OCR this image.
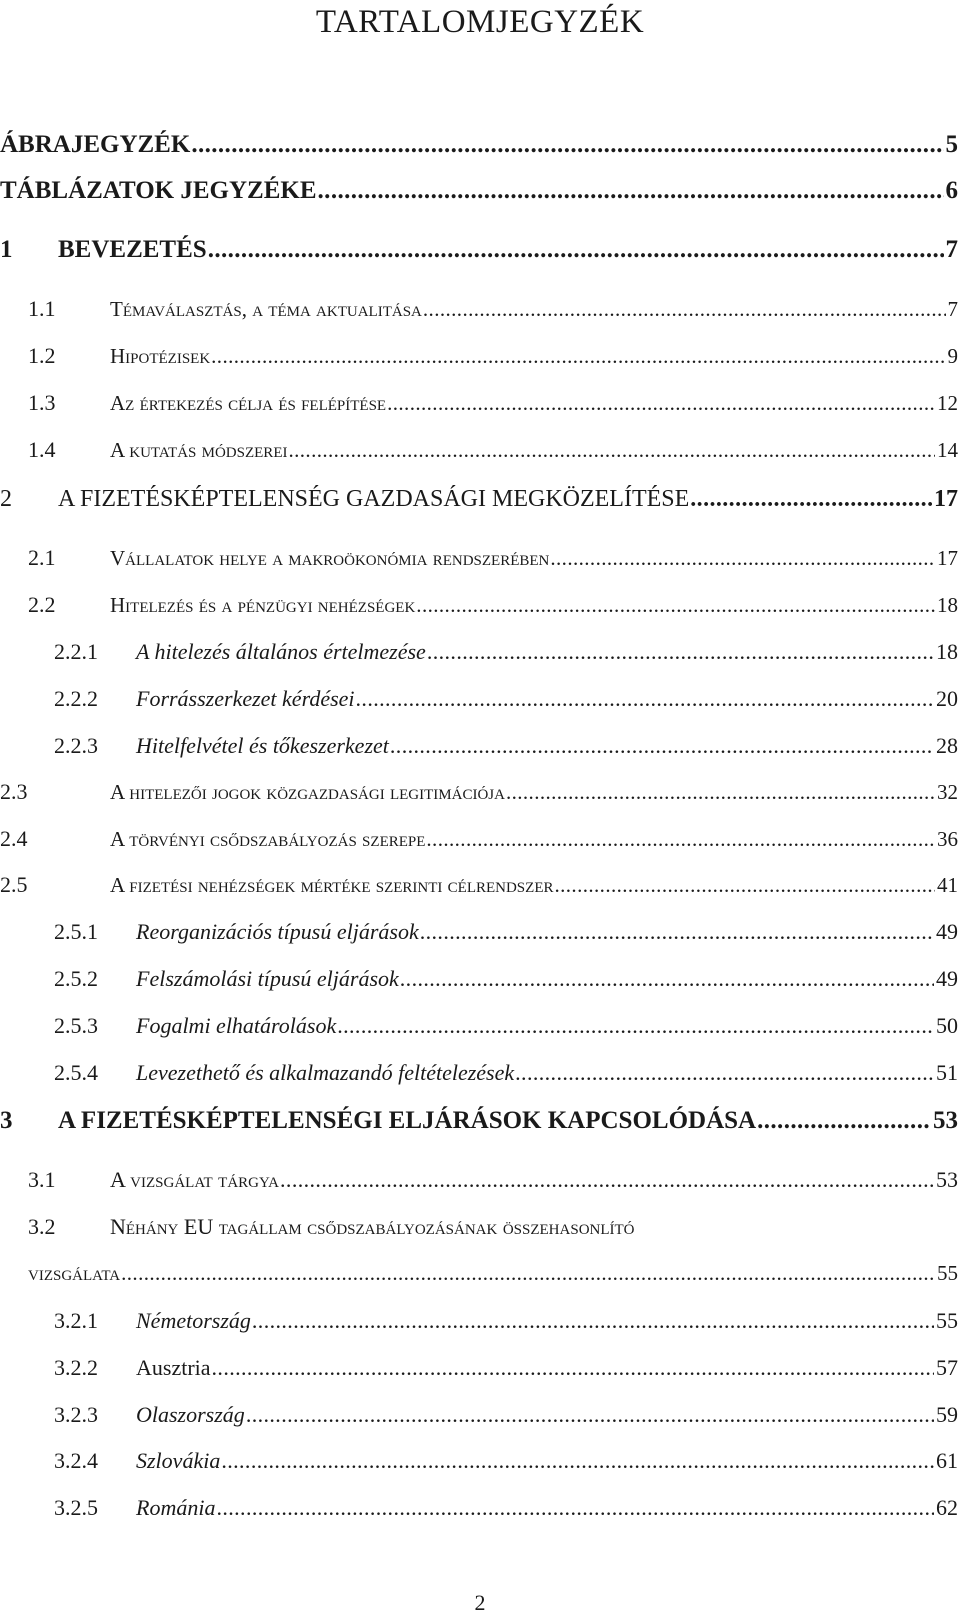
TARTALOMJEGYZÉK
ÁBRAJEGYZÉK .....	5
TÁBLÁZATOK JEGYZÉKE .....	6
1	BEVEZETÉS .....	7
1.1	Témaválasztás, a téma aktualitása .....	7
1.2	Hipotézisek .....	9
1.3	Az értekezés célja és felépítése .....	12
1.4	A kutatás módszerei .....	14
2	A FIZETÉSKÉPTELENSÉG GAZDASÁGI MEGKÖZELÍTÉSE .....	17
2.1	Vállalatok helye a makroökonómia rendszerében .....	17
2.2	Hitelezés és a pénzügyi nehézségek .....	18
2.2.1	A hitelezés általános értelmezése .....	18
2.2.2	Forrásszerkezet kérdései .....	20
2.2.3	Hitelfelvétel és tőkeszerkezet .....	28
2.3	A hitelezői jogok közgazdasági legitimációja .....	32
2.4	A törvényi csődszabályozás szerepe .....	36
2.5	A fizetési nehézségek mértéke szerinti célrendszer .....	41
2.5.1	Reorganizációs típusú eljárások .....	49
2.5.2	Felszámolási típusú eljárások .....	49
2.5.3	Fogalmi elhatárolások .....	50
2.5.4	Levezethető és alkalmazandó feltételezések .....	51
3	A FIZETÉSKÉPTELENSÉGI ELJÁRÁSOK KAPCSOLÓDÁSA .....	53
3.1	A vizsgálat tárgya .....	53
3.2	Néhány EU tagállam csődszabályozásának összehasonlító
vizsgálata .....	55
3.2.1	Németország .....	55
3.2.2	Ausztria .....	57
3.2.3	Olaszország .....	59
3.2.4	Szlovákia .....	61
3.2.5	Románia .....	62
2
